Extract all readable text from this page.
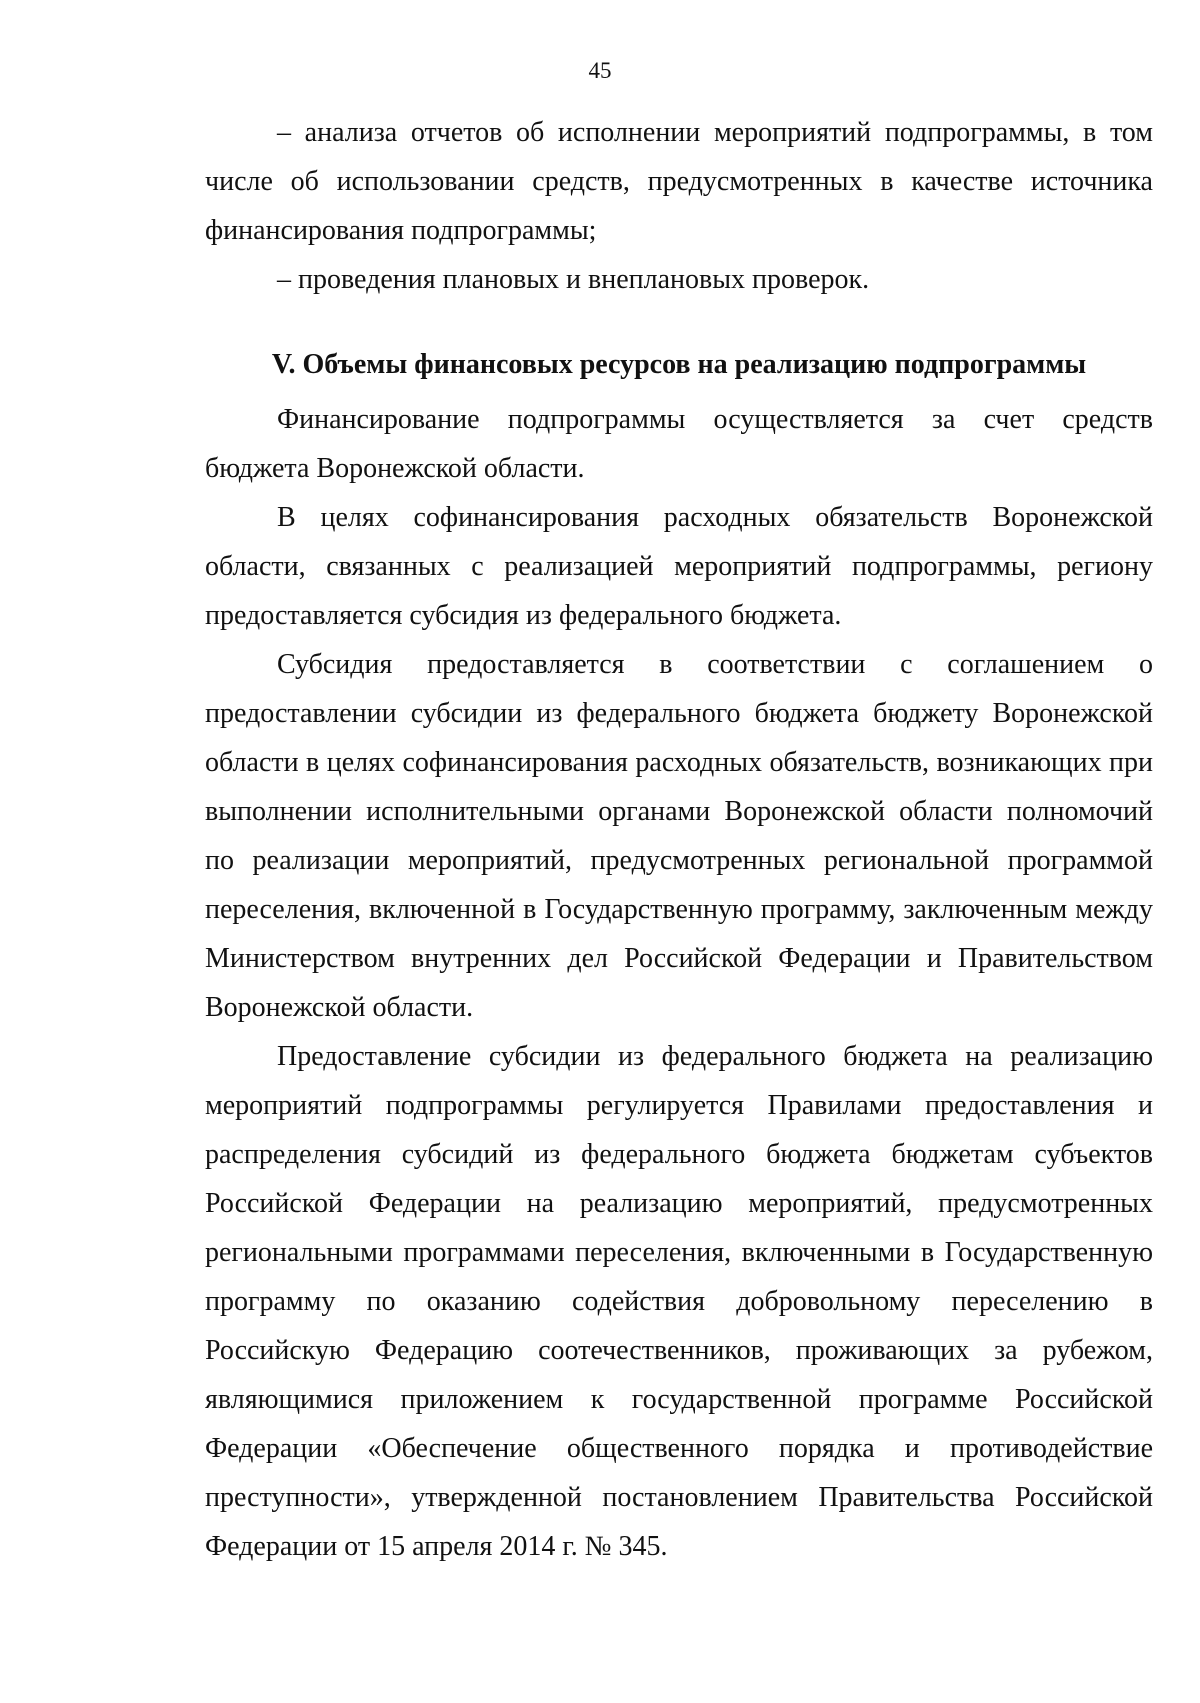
45

– анализа отчетов об исполнении мероприятий подпрограммы, в том числе об использовании средств, предусмотренных в качестве источника финансирования подпрограммы;

– проведения плановых и внеплановых проверок.

V. Объемы финансовых ресурсов на реализацию подпрограммы

Финансирование подпрограммы осуществляется за счет средств бюджета Воронежской области.

В целях софинансирования расходных обязательств Воронежской области, связанных с реализацией мероприятий подпрограммы, региону предоставляется субсидия из федерального бюджета.

Субсидия предоставляется в соответствии с соглашением о предоставлении субсидии из федерального бюджета бюджету Воронежской области в целях софинансирования расходных обязательств, возникающих при выполнении исполнительными органами Воронежской области полномочий по реализации мероприятий, предусмотренных региональной программой переселения, включенной в Государственную программу, заключенным между Министерством внутренних дел Российской Федерации и Правительством Воронежской области.

Предоставление субсидии из федерального бюджета на реализацию мероприятий подпрограммы регулируется Правилами предоставления и распределения субсидий из федерального бюджета бюджетам субъектов Российской Федерации на реализацию мероприятий, предусмотренных региональными программами переселения, включенными в Государственную программу по оказанию содействия добровольному переселению в Российскую Федерацию соотечественников, проживающих за рубежом, являющимися приложением к государственной программе Российской Федерации «Обеспечение общественного порядка и противодействие преступности», утвержденной постановлением Правительства Российской Федерации от 15 апреля 2014 г. № 345.
